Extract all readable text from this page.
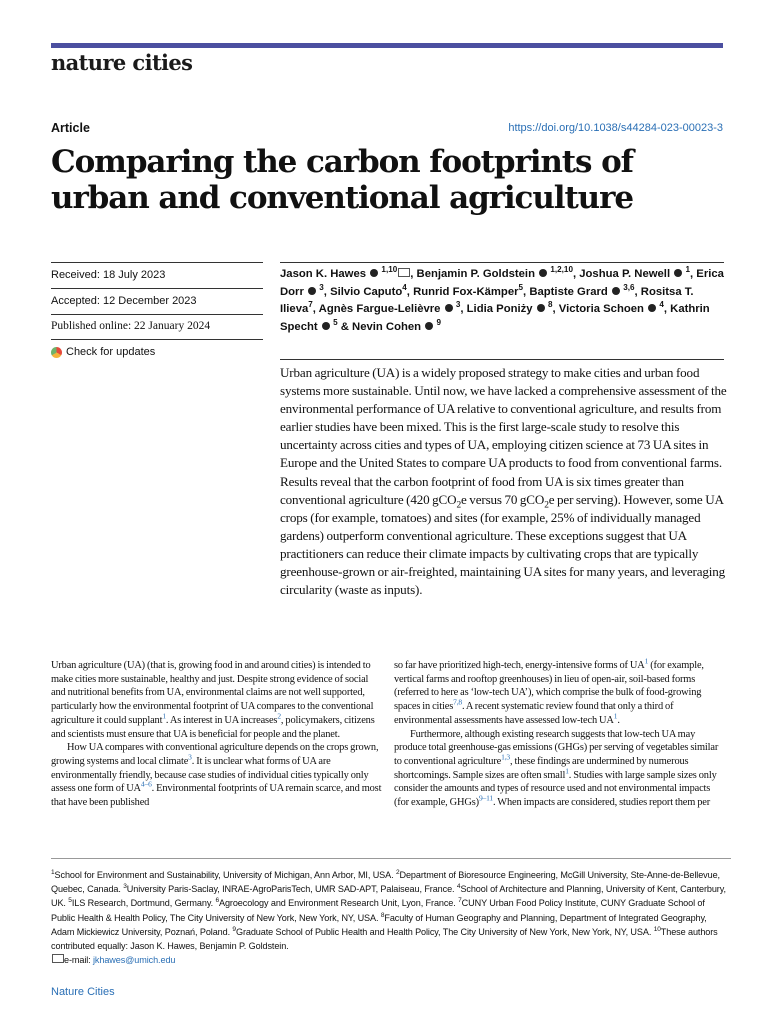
nature cities
Article	https://doi.org/10.1038/s44284-023-00023-3
Comparing the carbon footprints of urban and conventional agriculture
Received: 18 July 2023
Accepted: 12 December 2023
Published online: 22 January 2024
Check for updates
Jason K. Hawes  $^{1,10}$ , Benjamin P. Goldstein  $^{1,2,10}$, Joshua P. Newell  $^1$, Erica Dorr  $^3$, Silvio Caputo$^4$, Runrid Fox-Kämper$^5$, Baptiste Grard  $^{3,6}$, Rositsa T. Ilieva$^7$, Agnès Fargue-Lelièvre  $^3$, Lidia Poniży  $^8$, Victoria Schoen  $^4$, Kathrin Specht  $^5$ & Nevin Cohen  $^9$

Urban agriculture (UA) is a widely proposed strategy to make cities and urban food systems more sustainable. Until now, we have lacked a comprehensive assessment of the environmental performance of UA relative to conventional agriculture, and results from earlier studies have been mixed. This is the first large-scale study to resolve this uncertainty across cities and types of UA, employing citizen science at 73 UA sites in Europe and the United States to compare UA products to food from conventional farms. Results reveal that the carbon footprint of food from UA is six times greater than conventional agriculture (420 gCO$_2$e versus 70 gCO$_2$e per serving). However, some UA crops (for example, tomatoes) and sites (for example, 25% of individually managed gardens) outperform conventional agriculture. These exceptions suggest that UA practitioners can reduce their climate impacts by cultivating crops that are typically greenhouse-grown or air-freighted, maintaining UA sites for many years, and leveraging circularity (waste as inputs).

Urban agriculture (UA) (that is, growing food in and around cities) is intended to make cities more sustainable, healthy and just. Despite strong evidence of social and nutritional benefits from UA, environmental claims are not well supported, particularly how the environmental footprint of UA compares to the conventional agriculture it could supplant$^1$. As interest in UA increases$^2$, policymakers, citizens and scientists must ensure that UA is beneficial for people and the planet.

How UA compares with conventional agriculture depends on the crops grown, growing systems and local climate$^3$. It is unclear what forms of UA are environmentally friendly, because case studies of individual cities typically only assess one form of UA$^{4-6}$. Environmental footprints of UA remain scarce, and most that have been published

so far have prioritized high-tech, energy-intensive forms of UA$^1$ (for example, vertical farms and rooftop greenhouses) in lieu of open-air, soil-based forms (referred to here as ‘low-tech UA’), which comprise the bulk of food-growing spaces in cities$^{7,8}$. A recent systematic review found that only a third of environmental assessments have assessed low-tech UA$^1$.

Furthermore, although existing research suggests that low-tech UA may produce total greenhouse-gas emissions (GHGs) per serving of vegetables similar to conventional agriculture$^{1,3}$, these findings are undermined by numerous shortcomings. Sample sizes are often small$^1$. Studies with large sample sizes only consider the amounts and types of resource used and not environmental impacts (for example, GHGs)$^{9-11}$. When impacts are considered, studies report them per

$^1$School for Environment and Sustainability, University of Michigan, Ann Arbor, MI, USA. $^2$Department of Bioresource Engineering, McGill University, Ste-Anne-de-Bellevue, Quebec, Canada. $^3$University Paris-Saclay, INRAE-AgroParisTech, UMR SAD-APT, Palaiseau, France. $^4$School of Architecture and Planning, University of Kent, Canterbury, UK. $^5$ILS Research, Dortmund, Germany. $^6$Agroecology and Environment Research Unit, Lyon, France. $^7$CUNY Urban Food Policy Institute, CUNY Graduate School of Public Health & Health Policy, The City University of New York, New York, NY, USA. $^8$Faculty of Human Geography and Planning, Department of Integrated Geography, Adam Mickiewicz University, Poznań, Poland. $^9$Graduate School of Public Health and Health Policy, The City University of New York, New York, NY, USA. $^{10}$These authors contributed equally: Jason K. Hawes, Benjamin P. Goldstein.

e-mail: jkhawes@umich.edu

Nature Cities
